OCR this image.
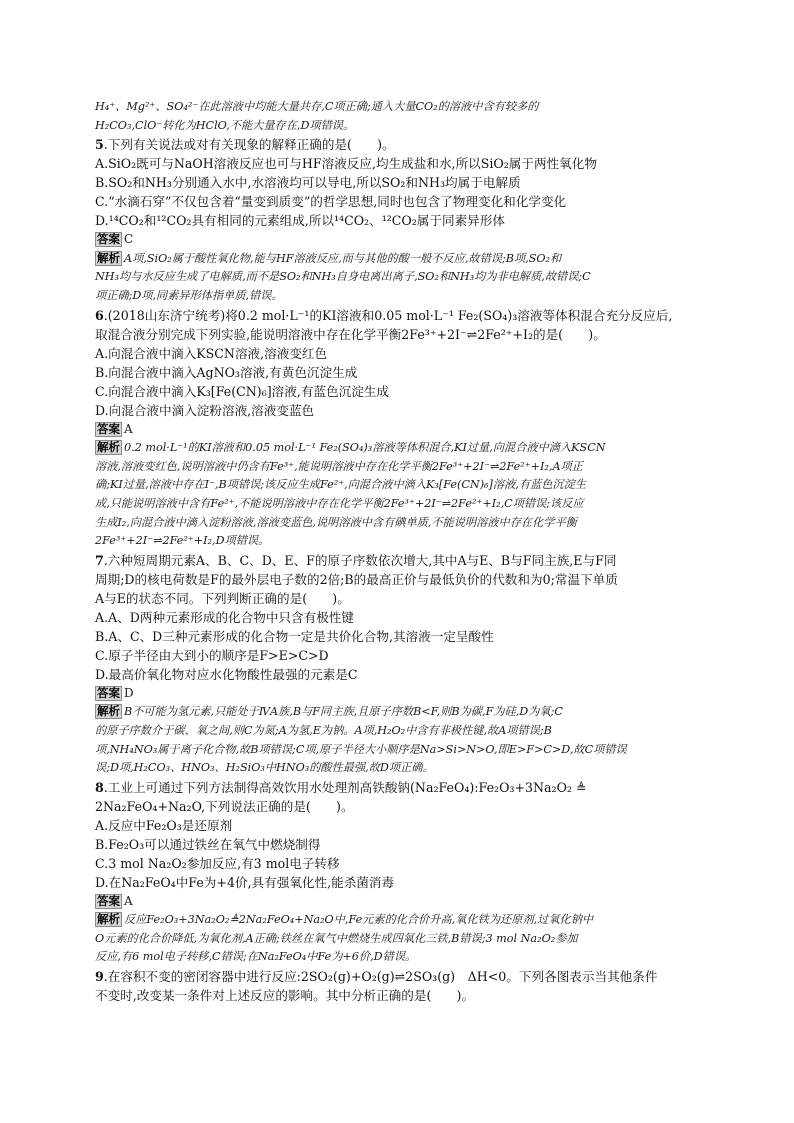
H₄⁺、Mg²⁺、SO₄²⁻在此溶液中均能大量共存,C项正确;通入大量CO₂的溶液中含有较多的
H₂CO₃,ClO⁻转化为HClO,不能大量存在,D项错误。
5.下列有关说法或对有关现象的解释正确的是(　　)。
A.SiO₂既可与NaOH溶液反应也可与HF溶液反应,均生成盐和水,所以SiO₂属于两性氧化物
B.SO₂和NH₃分别通入水中,水溶液均可以导电,所以SO₂和NH₃均属于电解质
C.“水滴石穿”不仅包含着“量变到质变”的哲学思想,同时也包含了物理变化和化学变化
D.¹⁴CO₂和¹²CO₂具有相同的元素组成,所以¹⁴CO₂、¹²CO₂属于同素异形体
答案 C
解析 A项,SiO₂属于酸性氧化物,能与HF溶液反应,而与其他的酸一般不反应,故错误;B项,SO₂和
NH₃均与水反应生成了电解质,而不是SO₂和NH₃自身电离出离子,SO₂和NH₃均为非电解质,故错误;C
项正确;D项,同素异形体指单质,错误。
6.(2018山东济宁统考)将0.2 mol·L⁻¹的KI溶液和0.05 mol·L⁻¹ Fe₂(SO₄)₃溶液等体积混合充分反应后,
取混合液分别完成下列实验,能说明溶液中存在化学平衡2Fe³⁺+2I⁻⇌2Fe²⁺+I₂的是(　　)。
A.向混合液中滴入KSCN溶液,溶液变红色
B.向混合液中滴入AgNO₃溶液,有黄色沉淀生成
C.向混合液中滴入K₃[Fe(CN)₆]溶液,有蓝色沉淀生成
D.向混合液中滴入淀粉溶液,溶液变蓝色
答案 A
解析 0.2 mol·L⁻¹的KI溶液和0.05 mol·L⁻¹ Fe₂(SO₄)₃溶液等体积混合,KI过量,向混合液中滴入KSCN
溶液,溶液变红色,说明溶液中仍含有Fe³⁺,能说明溶液中存在化学平衡2Fe³⁺+2I⁻⇌2Fe²⁺+I₂,A项正
确;KI过量,溶液中存在I⁻,B项错误;该反应生成Fe²⁺,向混合液中滴入K₃[Fe(CN)₆]溶液,有蓝色沉淀生
成,只能说明溶液中含有Fe²⁺,不能说明溶液中存在化学平衡2Fe³⁺+2I⁻⇌2Fe²⁺+I₂,C项错误;该反应
生成I₂,向混合液中滴入淀粉溶液,溶液变蓝色,说明溶液中含有碘单质,不能说明溶液中存在化学平衡
2Fe³⁺+2I⁻⇌2Fe²⁺+I₂,D项错误。
7.六种短周期元素A、B、C、D、E、F的原子序数依次增大,其中A与E、B与F同主族,E与F同
周期;D的核电荷数是F的最外层电子数的2倍;B的最高正价与最低负价的代数和为0;常温下单质
A与E的状态不同。下列判断正确的是(　　)。
A.A、D两种元素形成的化合物中只含有极性键
B.A、C、D三种元素形成的化合物一定是共价化合物,其溶液一定呈酸性
C.原子半径由大到小的顺序是F>E>C>D
D.最高价氧化物对应水化物酸性最强的元素是C
答案 D
解析 B不可能为氢元素,只能处于ⅣA族,B与F同主族,且原子序数B<F,则B为碳,F为硅,D为氧;C
的原子序数介于碳、氧之间,则C为氮;A为氢,E为钠。A项,H₂O₂中含有非极性键,故A项错误;B
项,NH₄NO₃属于离子化合物,故B项错误;C项,原子半径大小顺序是Na>Si>N>O,即E>F>C>D,故C项错误
误;D项,H₂CO₃、HNO₃、H₂SiO₃中HNO₃的酸性最强,故D项正确。
8.工业上可通过下列方法制得高效饮用水处理剂高铁酸钠(Na₂FeO₄):Fe₂O₃+3Na₂O₂ ≜
2Na₂FeO₄+Na₂O,下列说法正确的是(　　)。
A.反应中Fe₂O₃是还原剂
B.Fe₂O₃可以通过铁丝在氧气中燃烧制得
C.3 mol Na₂O₂参加反应,有3 mol电子转移
D.在Na₂FeO₄中Fe为+4价,具有强氧化性,能杀菌消毒
答案 A
解析 反应Fe₂O₃+3Na₂O₂≜2Na₂FeO₄+Na₂O中,Fe元素的化合价升高,氧化铁为还原剂,过氧化钠中
O元素的化合价降低,为氧化剂,A正确;铁丝在氧气中燃烧生成四氧化三铁,B错误;3 mol Na₂O₂参加
反应,有6 mol电子转移,C错误;在Na₂FeO₄中Fe为+6价,D错误。
9.在容积不变的密闭容器中进行反应:2SO₂(g)+O₂(g)⇌2SO₃(g)　ΔH<0。下列各图表示当其他条件
不变时,改变某一条件对上述反应的影响。其中分析正确的是(　　)。
